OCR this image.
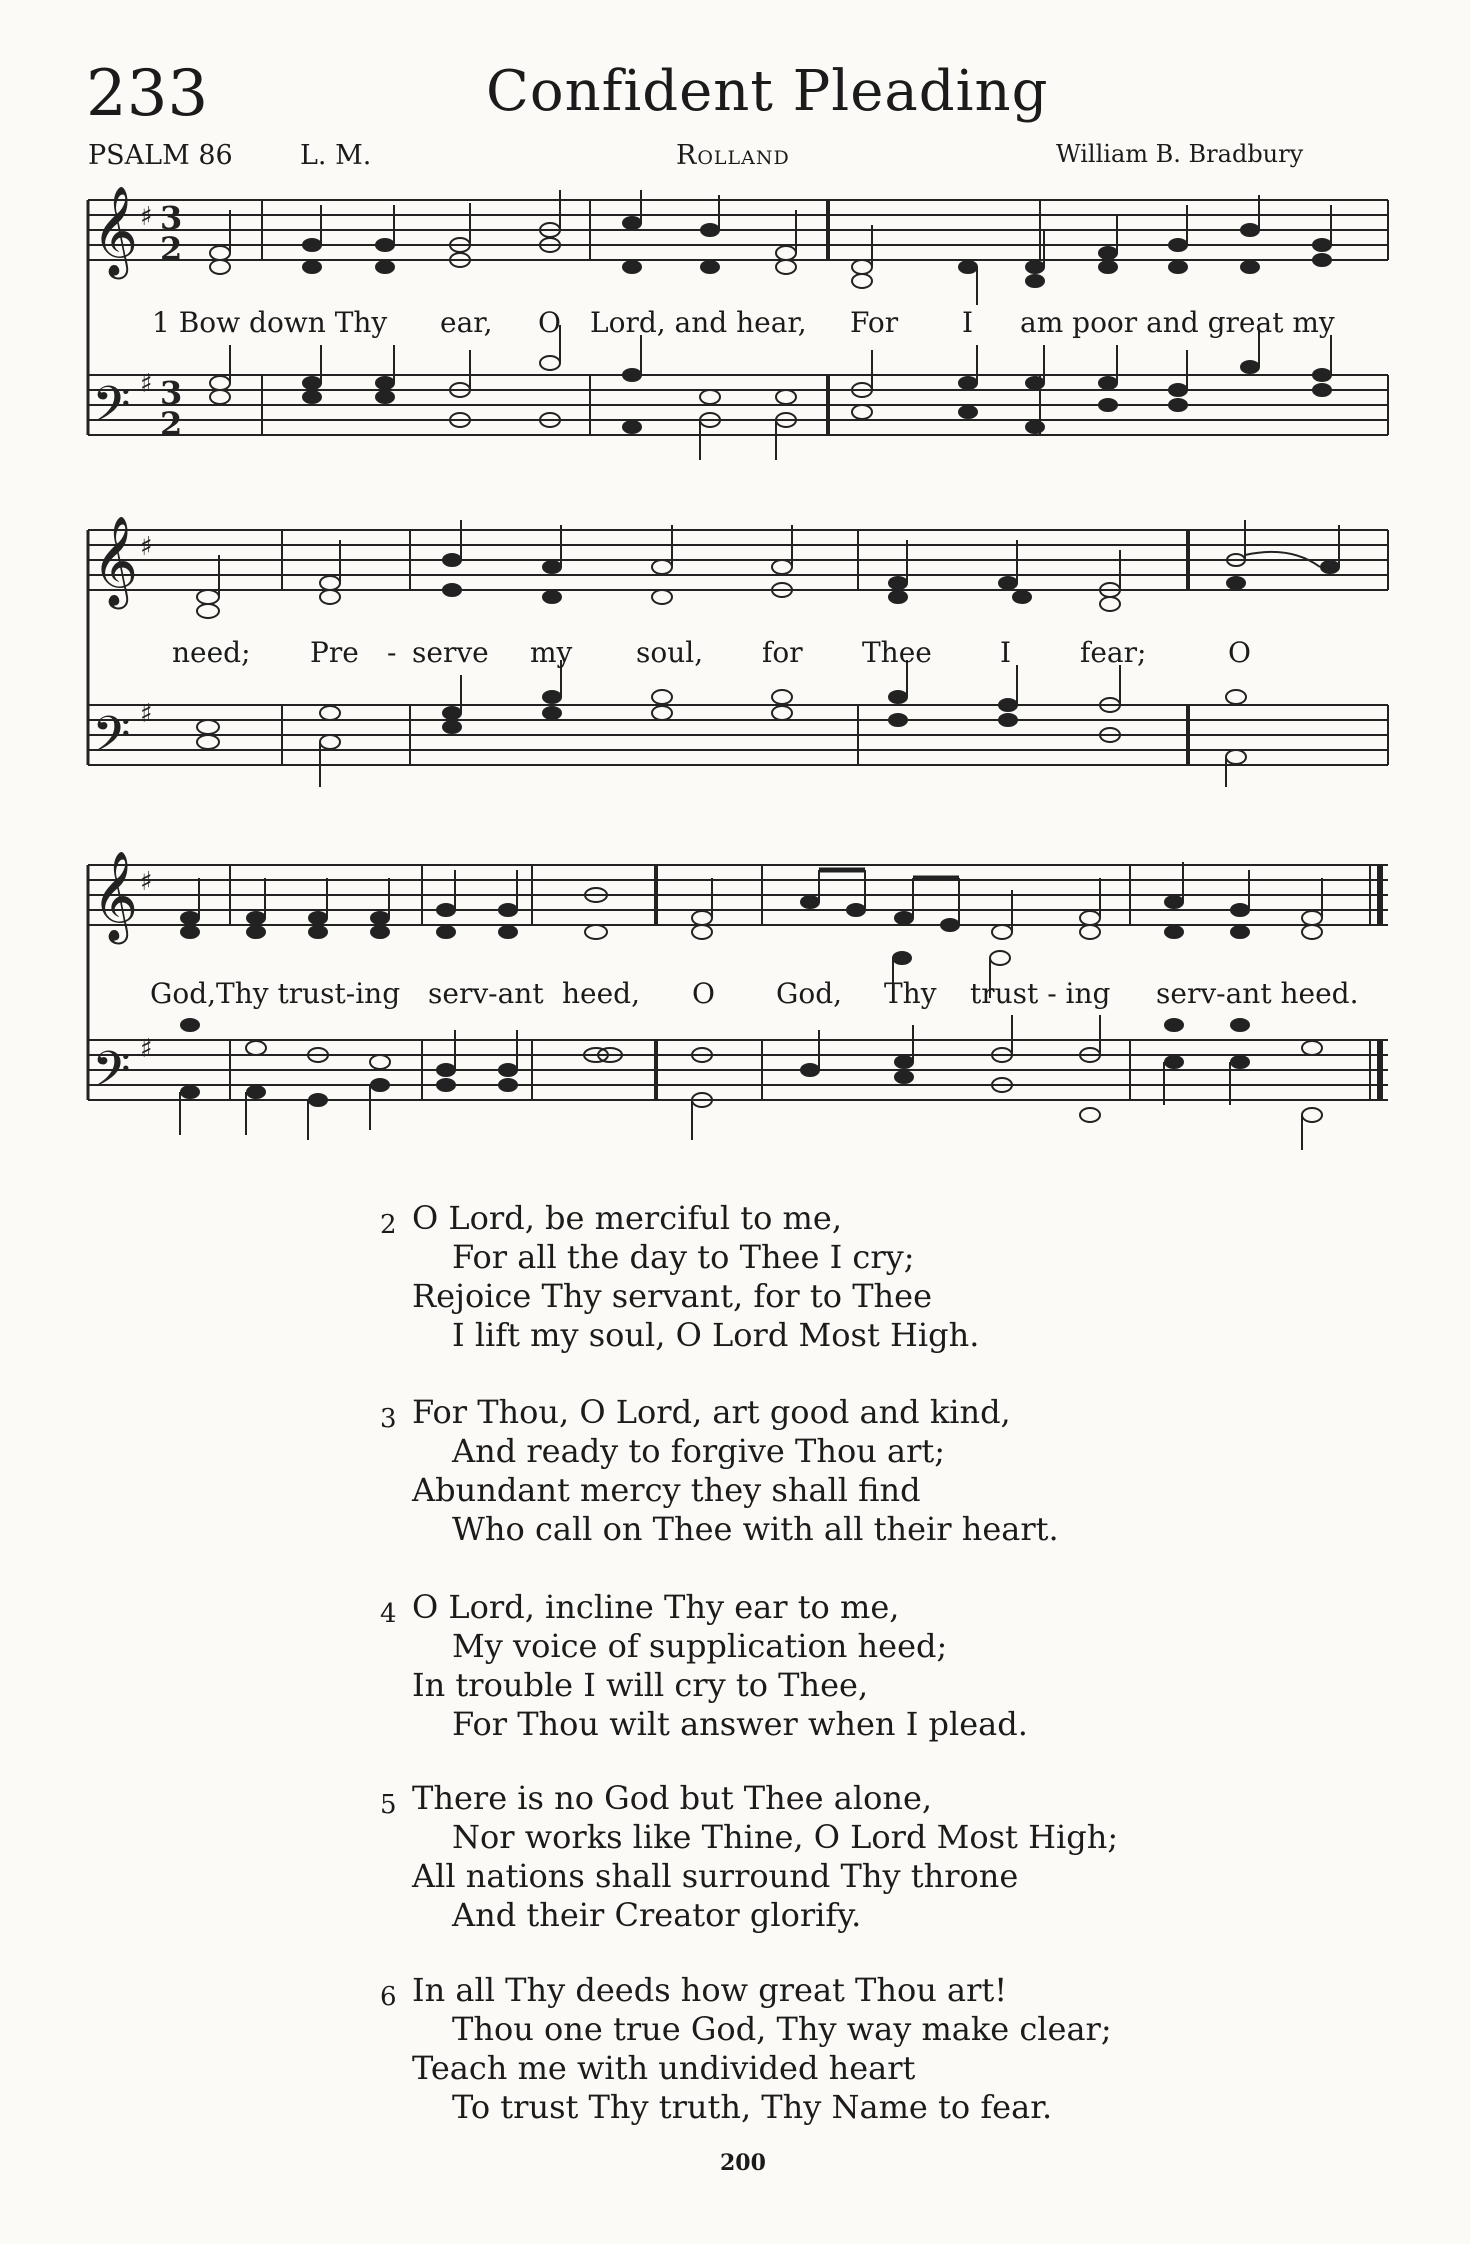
233	Confident Pleading
PSALM 86 L. M.	Rolland	William B. Bradbury
𝄞
𝄢
♯
♯
3
2
3
2
1 Bow down Thy ear, O Lord, and hear, For I am poor and great my
𝄞
𝄢
♯
♯
need; Pre - serve my soul, for Thee I fear;	O
𝄞
𝄢
♯
♯
God,Thy trust-ing serv-ant heed, O God, Thy trust - ing serv-ant heed.
2 O Lord, be merciful to me,
For all the day to Thee I cry;
Rejoice Thy servant, for to Thee
I lift my soul, O Lord Most High.
3 For Thou, O Lord, art good and kind,
And ready to forgive Thou art;
Abundant mercy they shall find
Who call on Thee with all their heart.
4 O Lord, incline Thy ear to me,
My voice of supplication heed;
In trouble I will cry to Thee,
For Thou wilt answer when I plead.
5 There is no God but Thee alone,
Nor works like Thine, O Lord Most High;
All nations shall surround Thy throne
And their Creator glorify.
6 In all Thy deeds how great Thou art!
Thou one true God, Thy way make clear;
Teach me with undivided heart
To trust Thy truth, Thy Name to fear.
200
